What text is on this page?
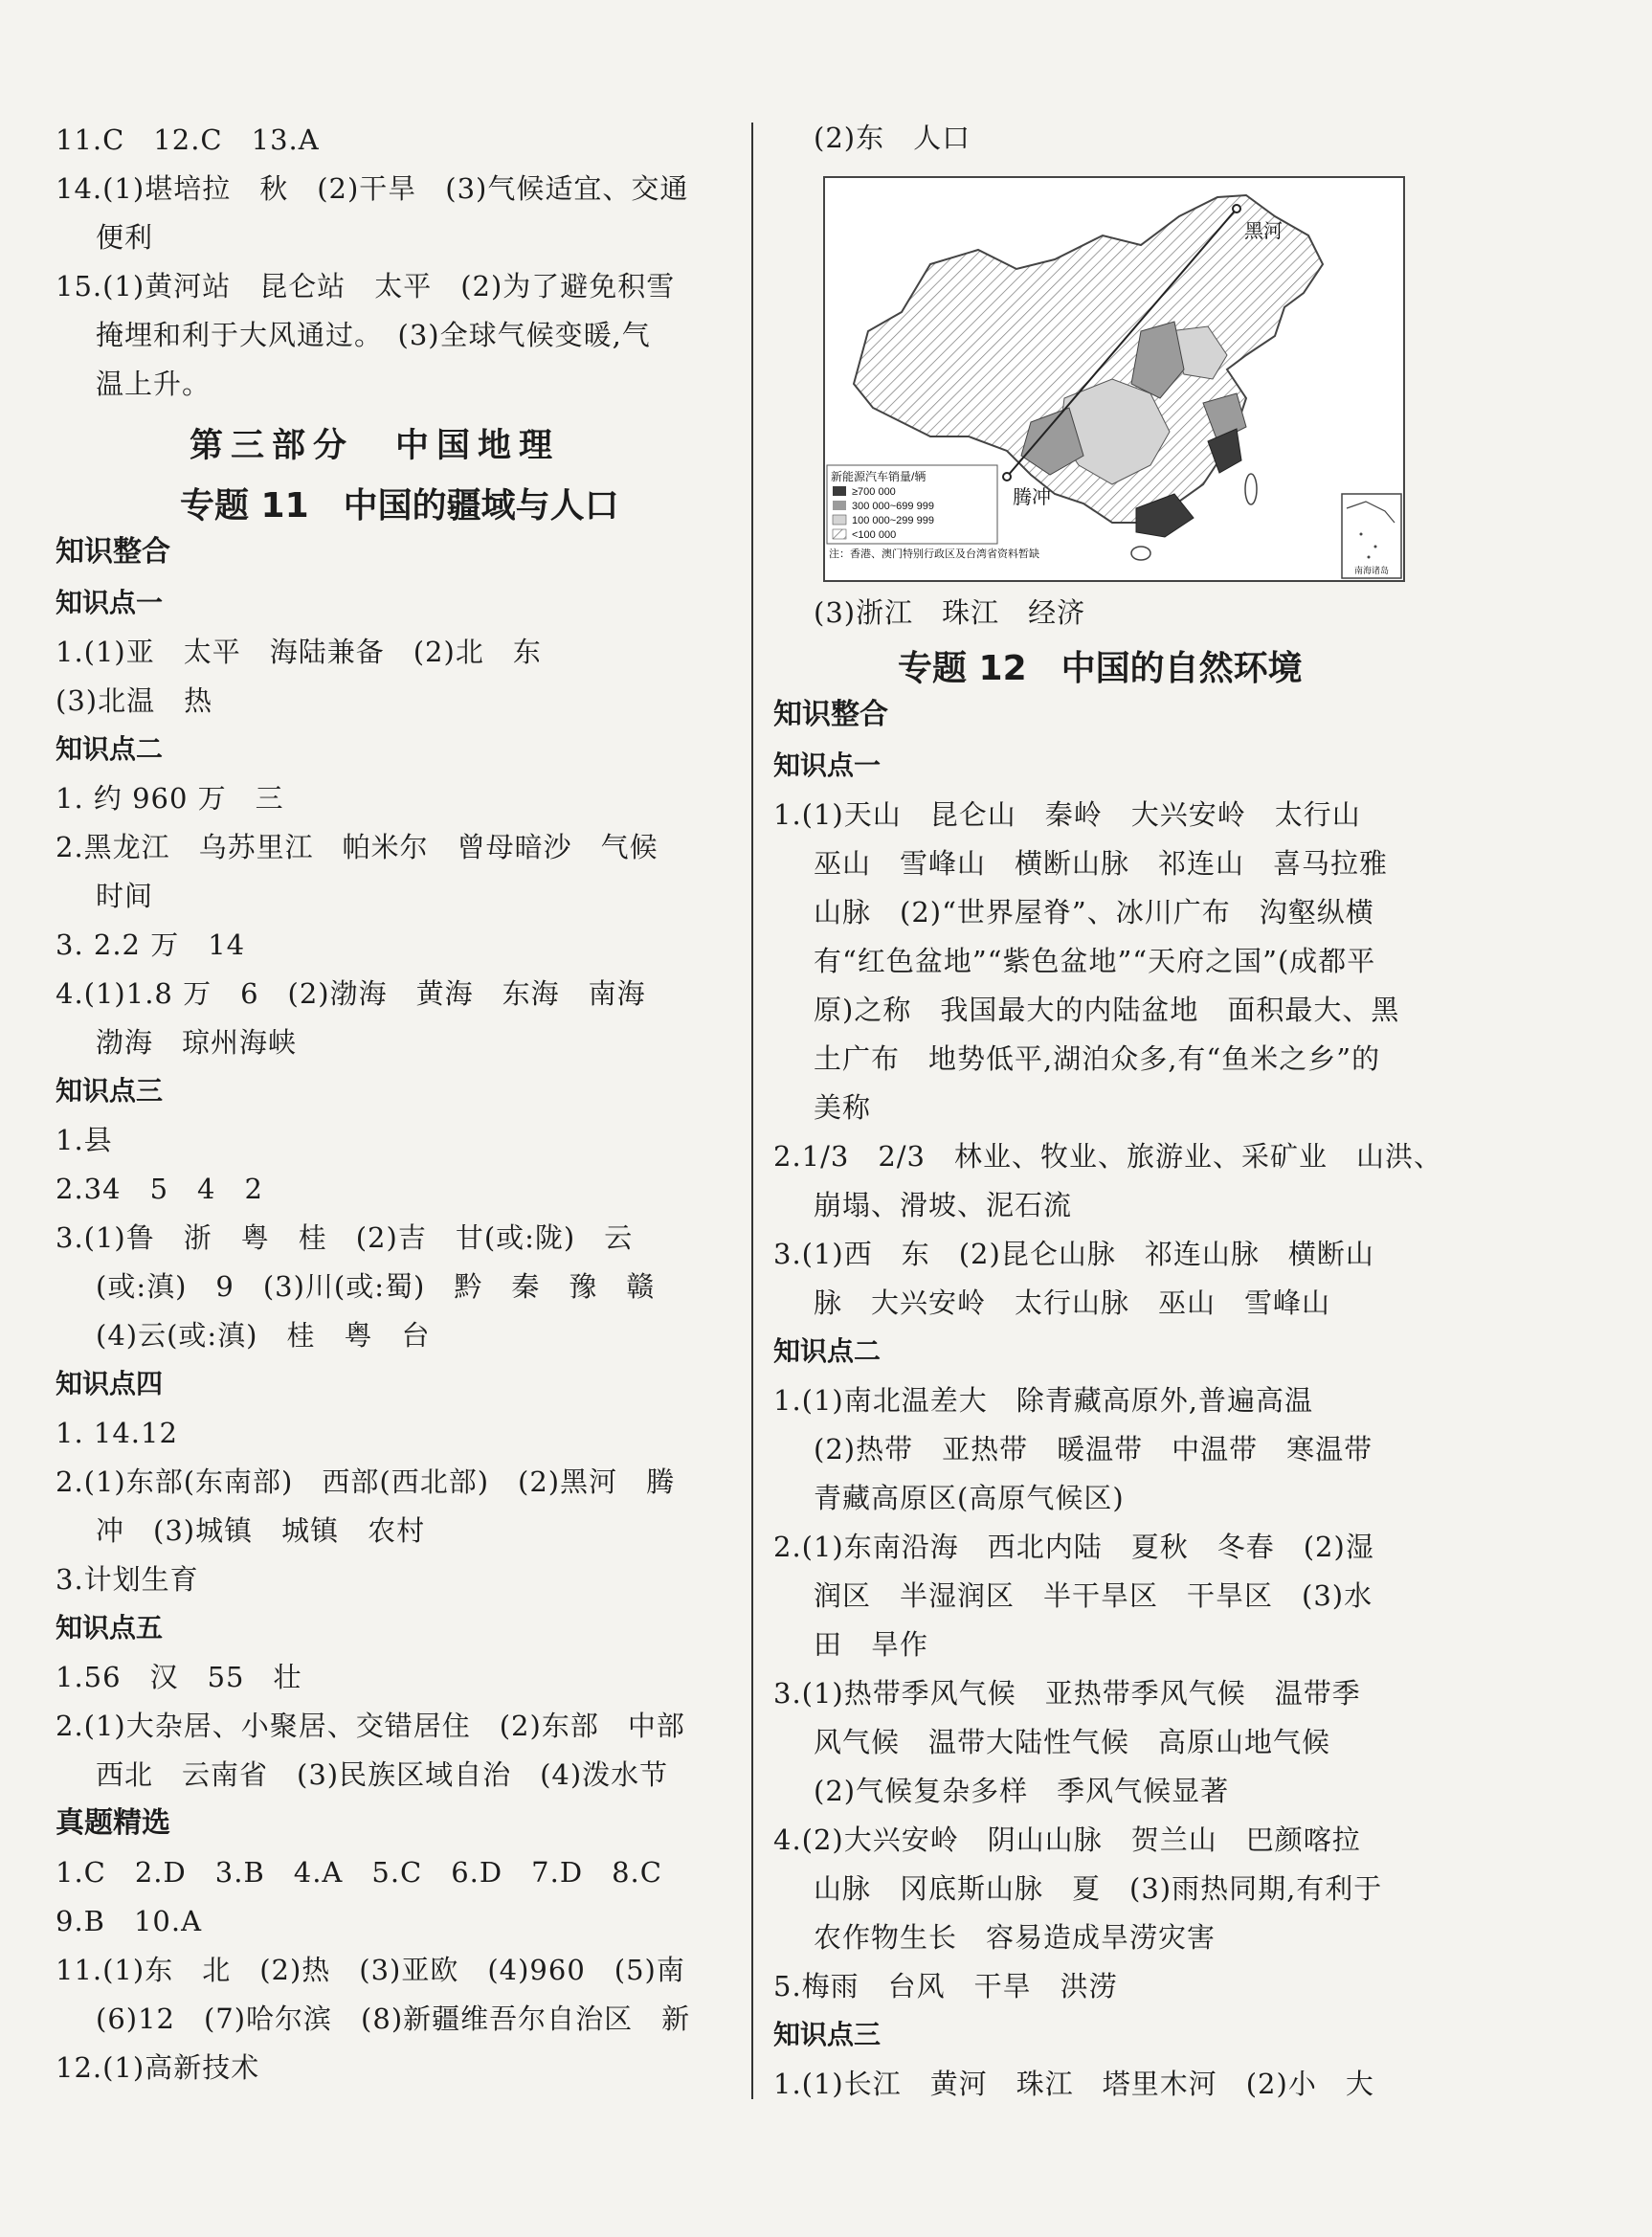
11.C　12.C　13.A
14.(1)堪培拉　秋　(2)干旱　(3)气候适宜、交通
便利
15.(1)黄河站　昆仑站　太平　(2)为了避免积雪
掩埋和利于大风通过。　(3)全球气候变暖,气
温上升。
第三部分　中国地理
专题 11　中国的疆域与人口
知识整合
知识点一
1.(1)亚　太平　海陆兼备　(2)北　东
(3)北温　热
知识点二
1. 约 960 万　三
2.黑龙江　乌苏里江　帕米尔　曾母暗沙　气候
时间
3. 2.2 万　14
4.(1)1.8 万　6　(2)渤海　黄海　东海　南海
渤海　琼州海峡
知识点三
1.县
2.34　5　4　2
3.(1)鲁　浙　粤　桂　(2)吉　甘(或:陇)　云
(或:滇)　9　(3)川(或:蜀)　黔　秦　豫　赣
(4)云(或:滇)　桂　粤　台
知识点四
1. 14.12
2.(1)东部(东南部)　西部(西北部)　(2)黑河　腾
冲　(3)城镇　城镇　农村
3.计划生育
知识点五
1.56　汉　55　壮
2.(1)大杂居、小聚居、交错居住　(2)东部　中部
西北　云南省　(3)民族区域自治　(4)泼水节
真题精选
1.C　2.D　3.B　4.A　5.C　6.D　7.D　8.C
9.B　10.A
11.(1)东　北　(2)热　(3)亚欧　(4)960　(5)南
(6)12　(7)哈尔滨　(8)新疆维吾尔自治区　新
12.(1)高新技术
(2)东　人口
(3)浙江　珠江　经济
专题 12　中国的自然环境
知识整合
知识点一
1.(1)天山　昆仑山　秦岭　大兴安岭　太行山
巫山　雪峰山　横断山脉　祁连山　喜马拉雅
山脉　(2)“世界屋脊”、冰川广布　沟壑纵横
有“红色盆地”“紫色盆地”“天府之国”(成都平
原)之称　我国最大的内陆盆地　面积最大、黑
土广布　地势低平,湖泊众多,有“鱼米之乡”的
美称
2.1/3　2/3　林业、牧业、旅游业、采矿业　山洪、
崩塌、滑坡、泥石流
3.(1)西　东　(2)昆仑山脉　祁连山脉　横断山
脉　大兴安岭　太行山脉　巫山　雪峰山
知识点二
1.(1)南北温差大　除青藏高原外,普遍高温
(2)热带　亚热带　暖温带　中温带　寒温带
青藏高原区(高原气候区)
2.(1)东南沿海　西北内陆　夏秋　冬春　(2)湿
润区　半湿润区　半干旱区　干旱区　(3)水
田　旱作
3.(1)热带季风气候　亚热带季风气候　温带季
风气候　温带大陆性气候　高原山地气候
(2)气候复杂多样　季风气候显著
4.(2)大兴安岭　阴山山脉　贺兰山　巴颜喀拉
山脉　冈底斯山脉　夏　(3)雨热同期,有利于
农作物生长　容易造成旱涝灾害
5.梅雨　台风　干旱　洪涝
知识点三
1.(1)长江　黄河　珠江　塔里木河　(2)小　大
黑河
腾冲
新能源汽车销量/辆
≥700 000
300 000~699 999
100 000~299 999
<100 000
注：香港、澳门特别行政区及台湾省资料暂缺
南海诸岛
